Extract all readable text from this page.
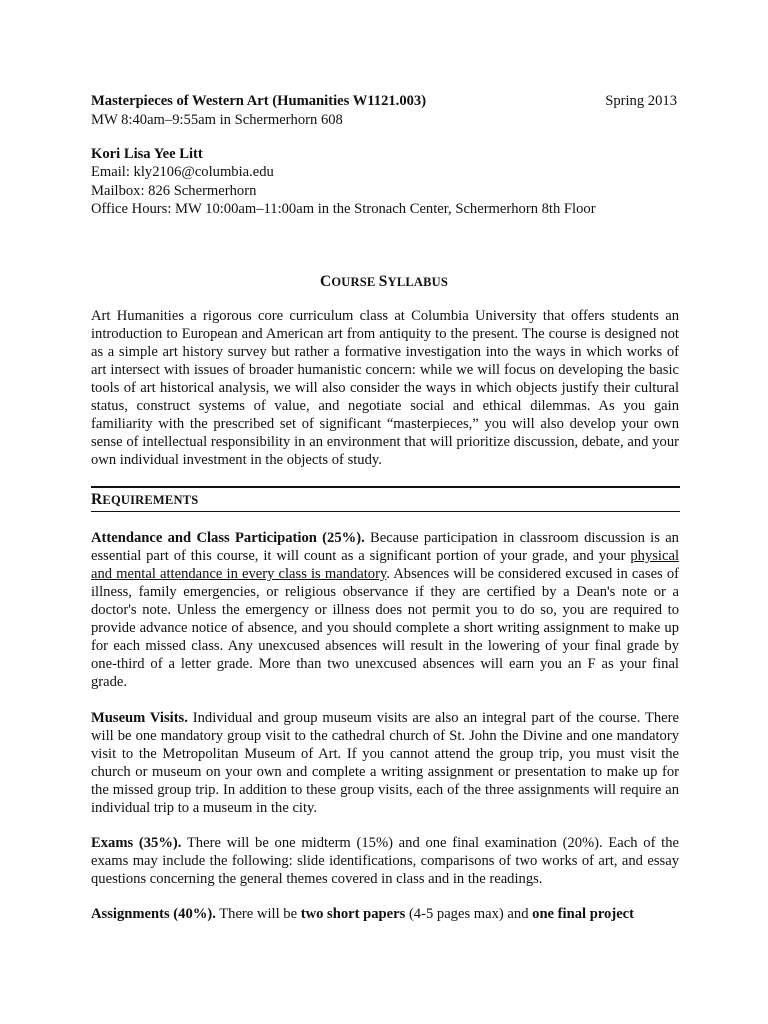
Masterpieces of Western Art (Humanities W1121.003)	Spring 2013
MW 8:40am–9:55am in Schermerhorn 608
Kori Lisa Yee Litt
Email: kly2106@columbia.edu
Mailbox: 826 Schermerhorn
Office Hours: MW 10:00am–11:00am in the Stronach Center, Schermerhorn 8th Floor
COURSE SYLLABUS

Art Humanities a rigorous core curriculum class at Columbia University that offers students an introduction to European and American art from antiquity to the present. The course is designed not as a simple art history survey but rather a formative investigation into the ways in which works of art intersect with issues of broader humanistic concern: while we will focus on developing the basic tools of art historical analysis, we will also consider the ways in which objects justify their cultural status, construct systems of value, and negotiate social and ethical dilemmas. As you gain familiarity with the prescribed set of significant “masterpieces,” you will also develop your own sense of intellectual responsibility in an environment that will prioritize discussion, debate, and your own individual investment in the objects of study.

REQUIREMENTS

Attendance and Class Participation (25%). Because participation in classroom discussion is an essential part of this course, it will count as a significant portion of your grade, and your physical and mental attendance in every class is mandatory. Absences will be considered excused in cases of illness, family emergencies, or religious observance if they are certified by a Dean's note or a doctor's note. Unless the emergency or illness does not permit you to do so, you are required to provide advance notice of absence, and you should complete a short writing assignment to make up for each missed class. Any unexcused absences will result in the lowering of your final grade by one-third of a letter grade. More than two unexcused absences will earn you an F as your final grade.

Museum Visits. Individual and group museum visits are also an integral part of the course. There will be one mandatory group visit to the cathedral church of St. John the Divine and one mandatory visit to the Metropolitan Museum of Art. If you cannot attend the group trip, you must visit the church or museum on your own and complete a writing assignment or presentation to make up for the missed group trip. In addition to these group visits, each of the three assignments will require an individual trip to a museum in the city.

Exams (35%). There will be one midterm (15%) and one final examination (20%). Each of the exams may include the following: slide identifications, comparisons of two works of art, and essay questions concerning the general themes covered in class and in the readings.

Assignments (40%). There will be two short papers (4-5 pages max) and one final project
